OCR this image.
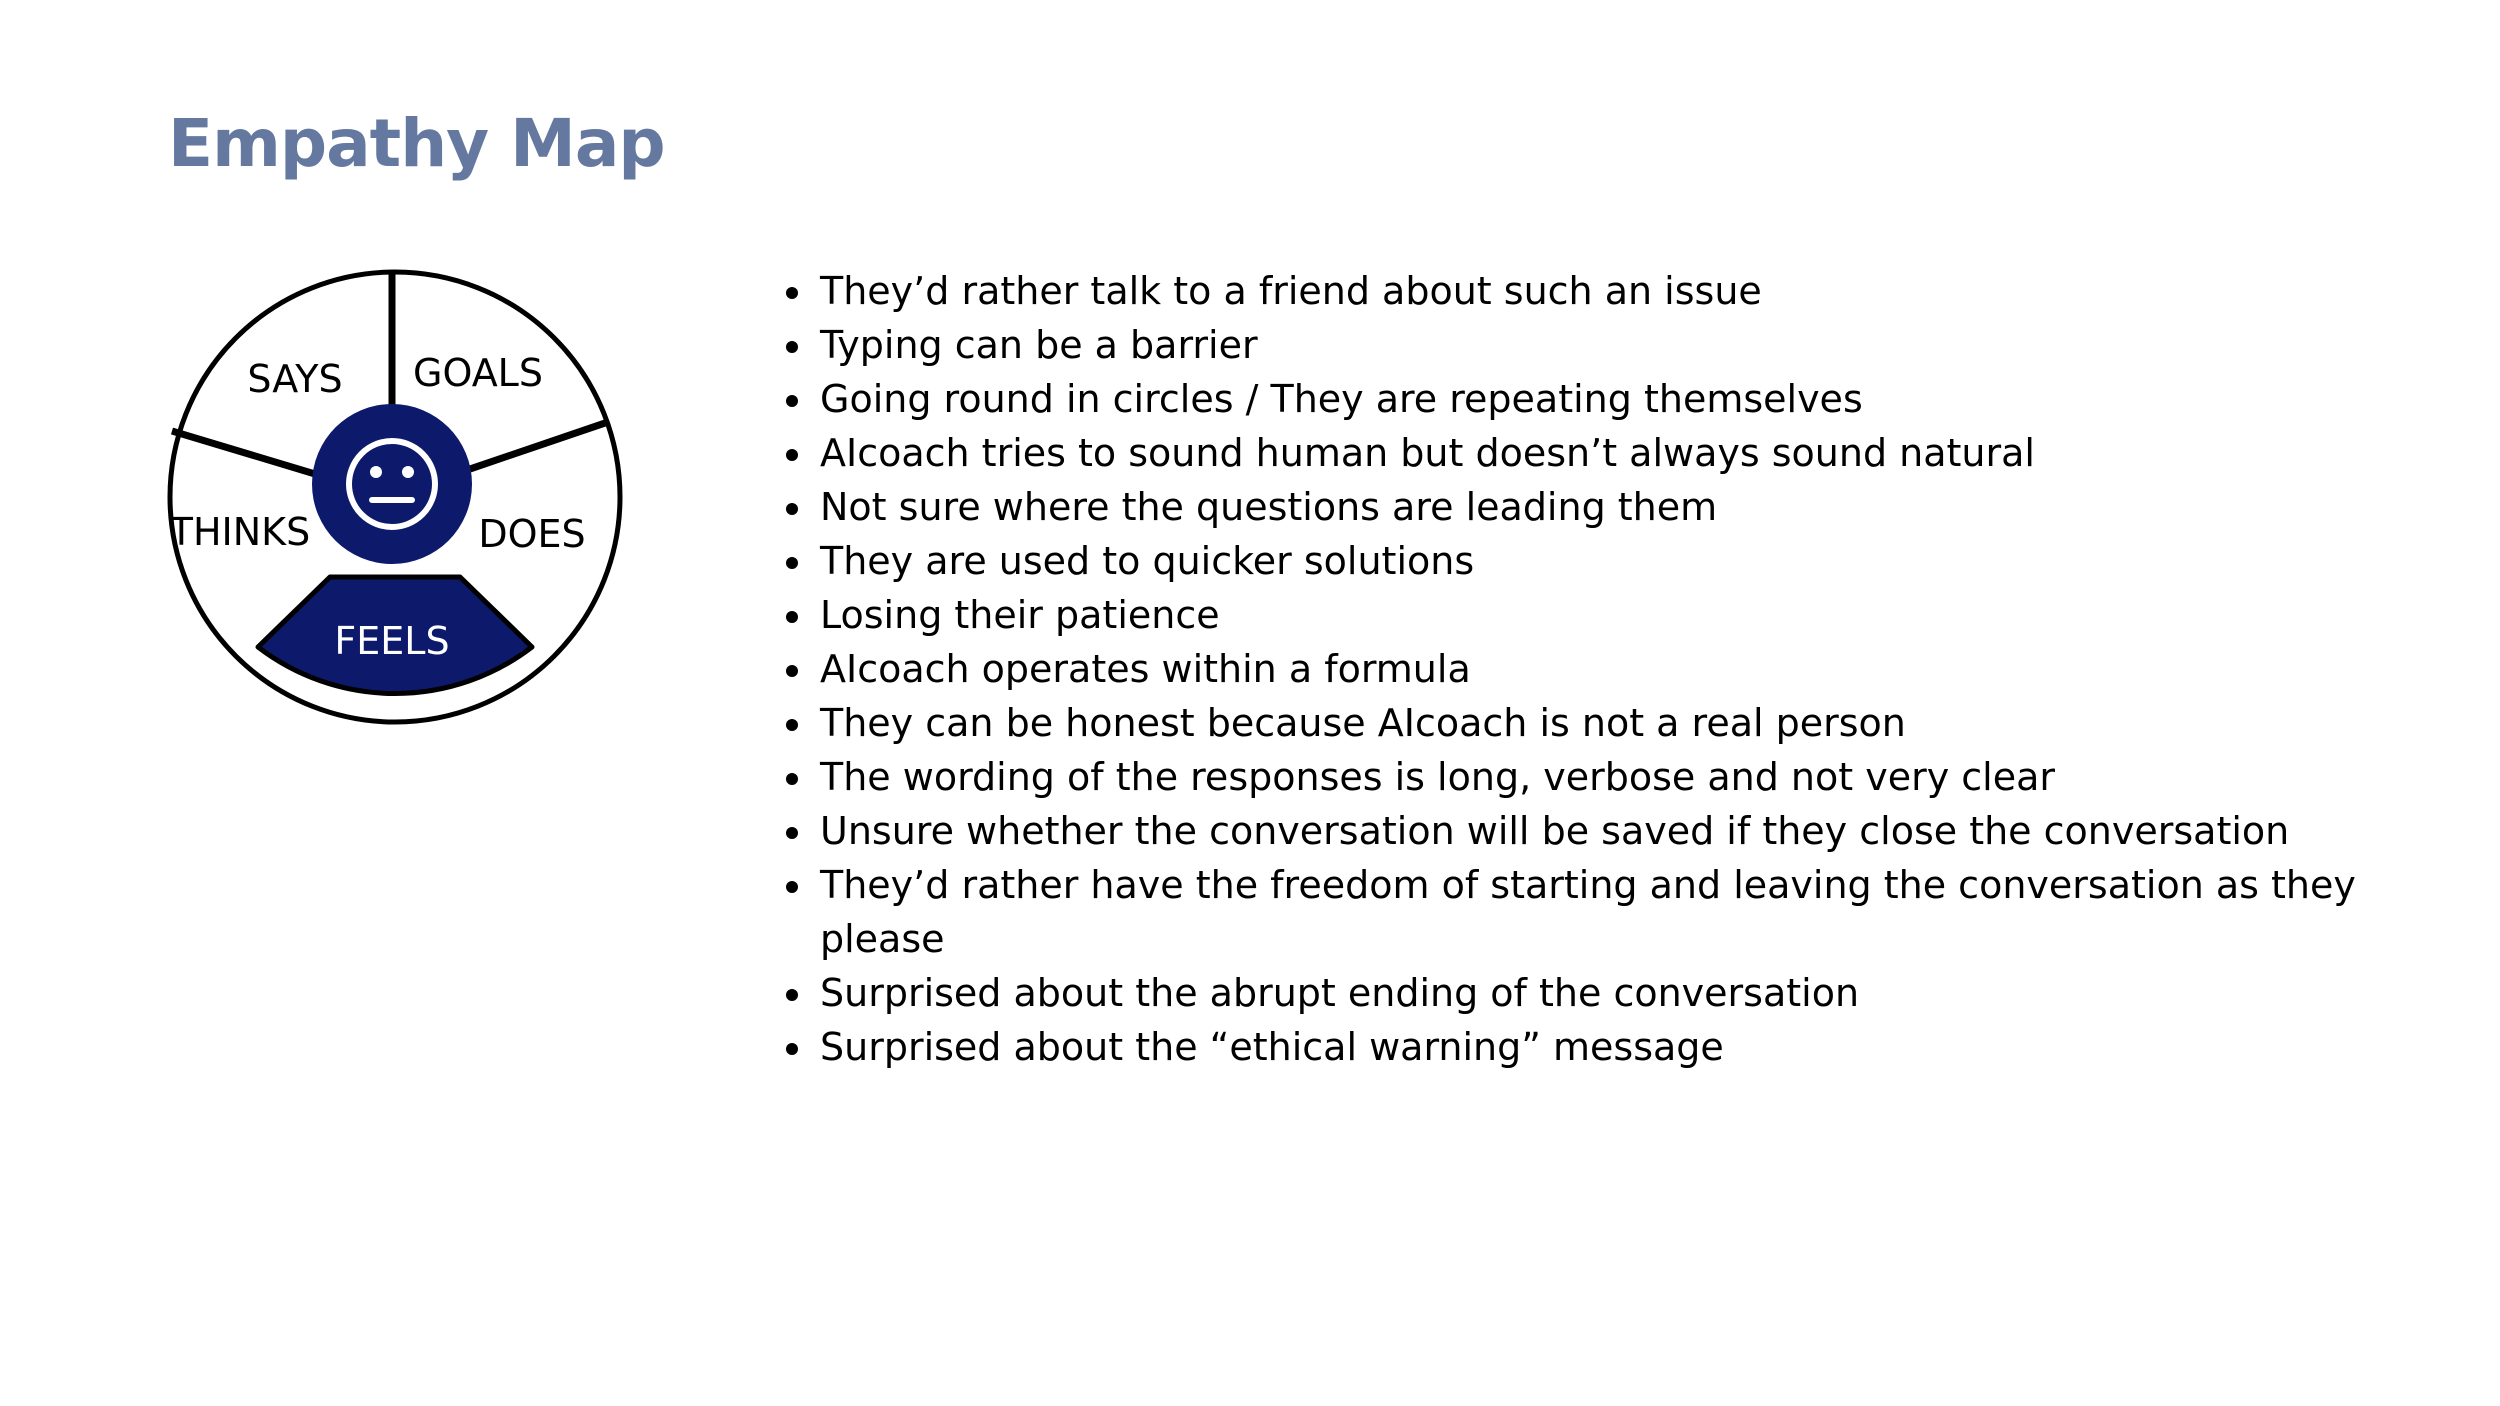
Empathy Map
SAYS GOALS
THINKS	DOES
FEELS
• They’d rather talk to a friend about such an issue
• Typing can be a barrier
• Going round in circles / They are repeating themselves
• AIcoach tries to sound human but doesn’t always sound natural
• Not sure where the questions are leading them
• They are used to quicker solutions
• Losing their patience
• AIcoach operates within a formula
• They can be honest because AIcoach is not a real person
• The wording of the responses is long, verbose and not very clear
• Unsure whether the conversation will be saved if they close the conversation
• They’d rather have the freedom of starting and leaving the conversation as they please
• Surprised about the abrupt ending of the conversation
• Surprised about the “ethical warning” message
